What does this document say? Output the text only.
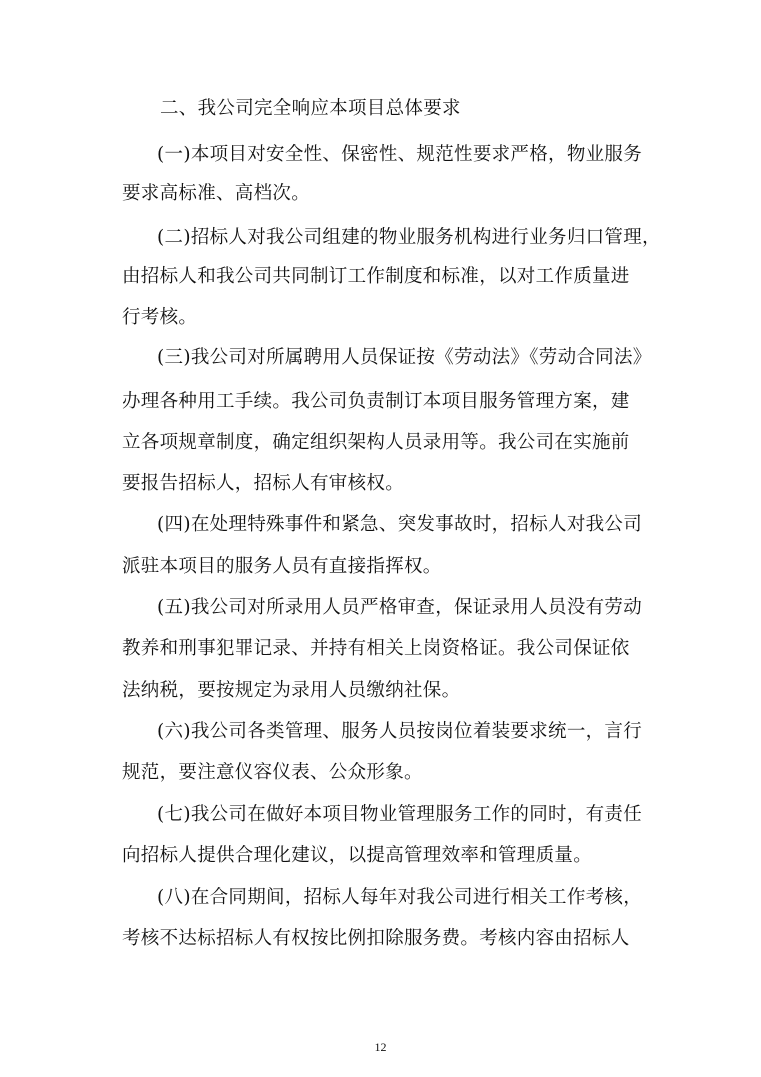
二、我公司完全响应本项目总体要求

(一)本项目对安全性、保密性、规范性要求严格，物业服务

要求高标准、高档次。

(二)招标人对我公司组建的物业服务机构进行业务归口管理，

由招标人和我公司共同制订工作制度和标准，以对工作质量进

行考核。

(三)我公司对所属聘用人员保证按《劳动法》《劳动合同法》

办理各种用工手续。我公司负责制订本项目服务管理方案，建

立各项规章制度，确定组织架构人员录用等。我公司在实施前

要报告招标人，招标人有审核权。

(四)在处理特殊事件和紧急、突发事故时，招标人对我公司

派驻本项目的服务人员有直接指挥权。

(五)我公司对所录用人员严格审查，保证录用人员没有劳动

教养和刑事犯罪记录、并持有相关上岗资格证。我公司保证依

法纳税，要按规定为录用人员缴纳社保。

(六)我公司各类管理、服务人员按岗位着装要求统一，言行

规范，要注意仪容仪表、公众形象。

(七)我公司在做好本项目物业管理服务工作的同时，有责任

向招标人提供合理化建议，以提高管理效率和管理质量。

(八)在合同期间，招标人每年对我公司进行相关工作考核，

考核不达标招标人有权按比例扣除服务费。考核内容由招标人

12
